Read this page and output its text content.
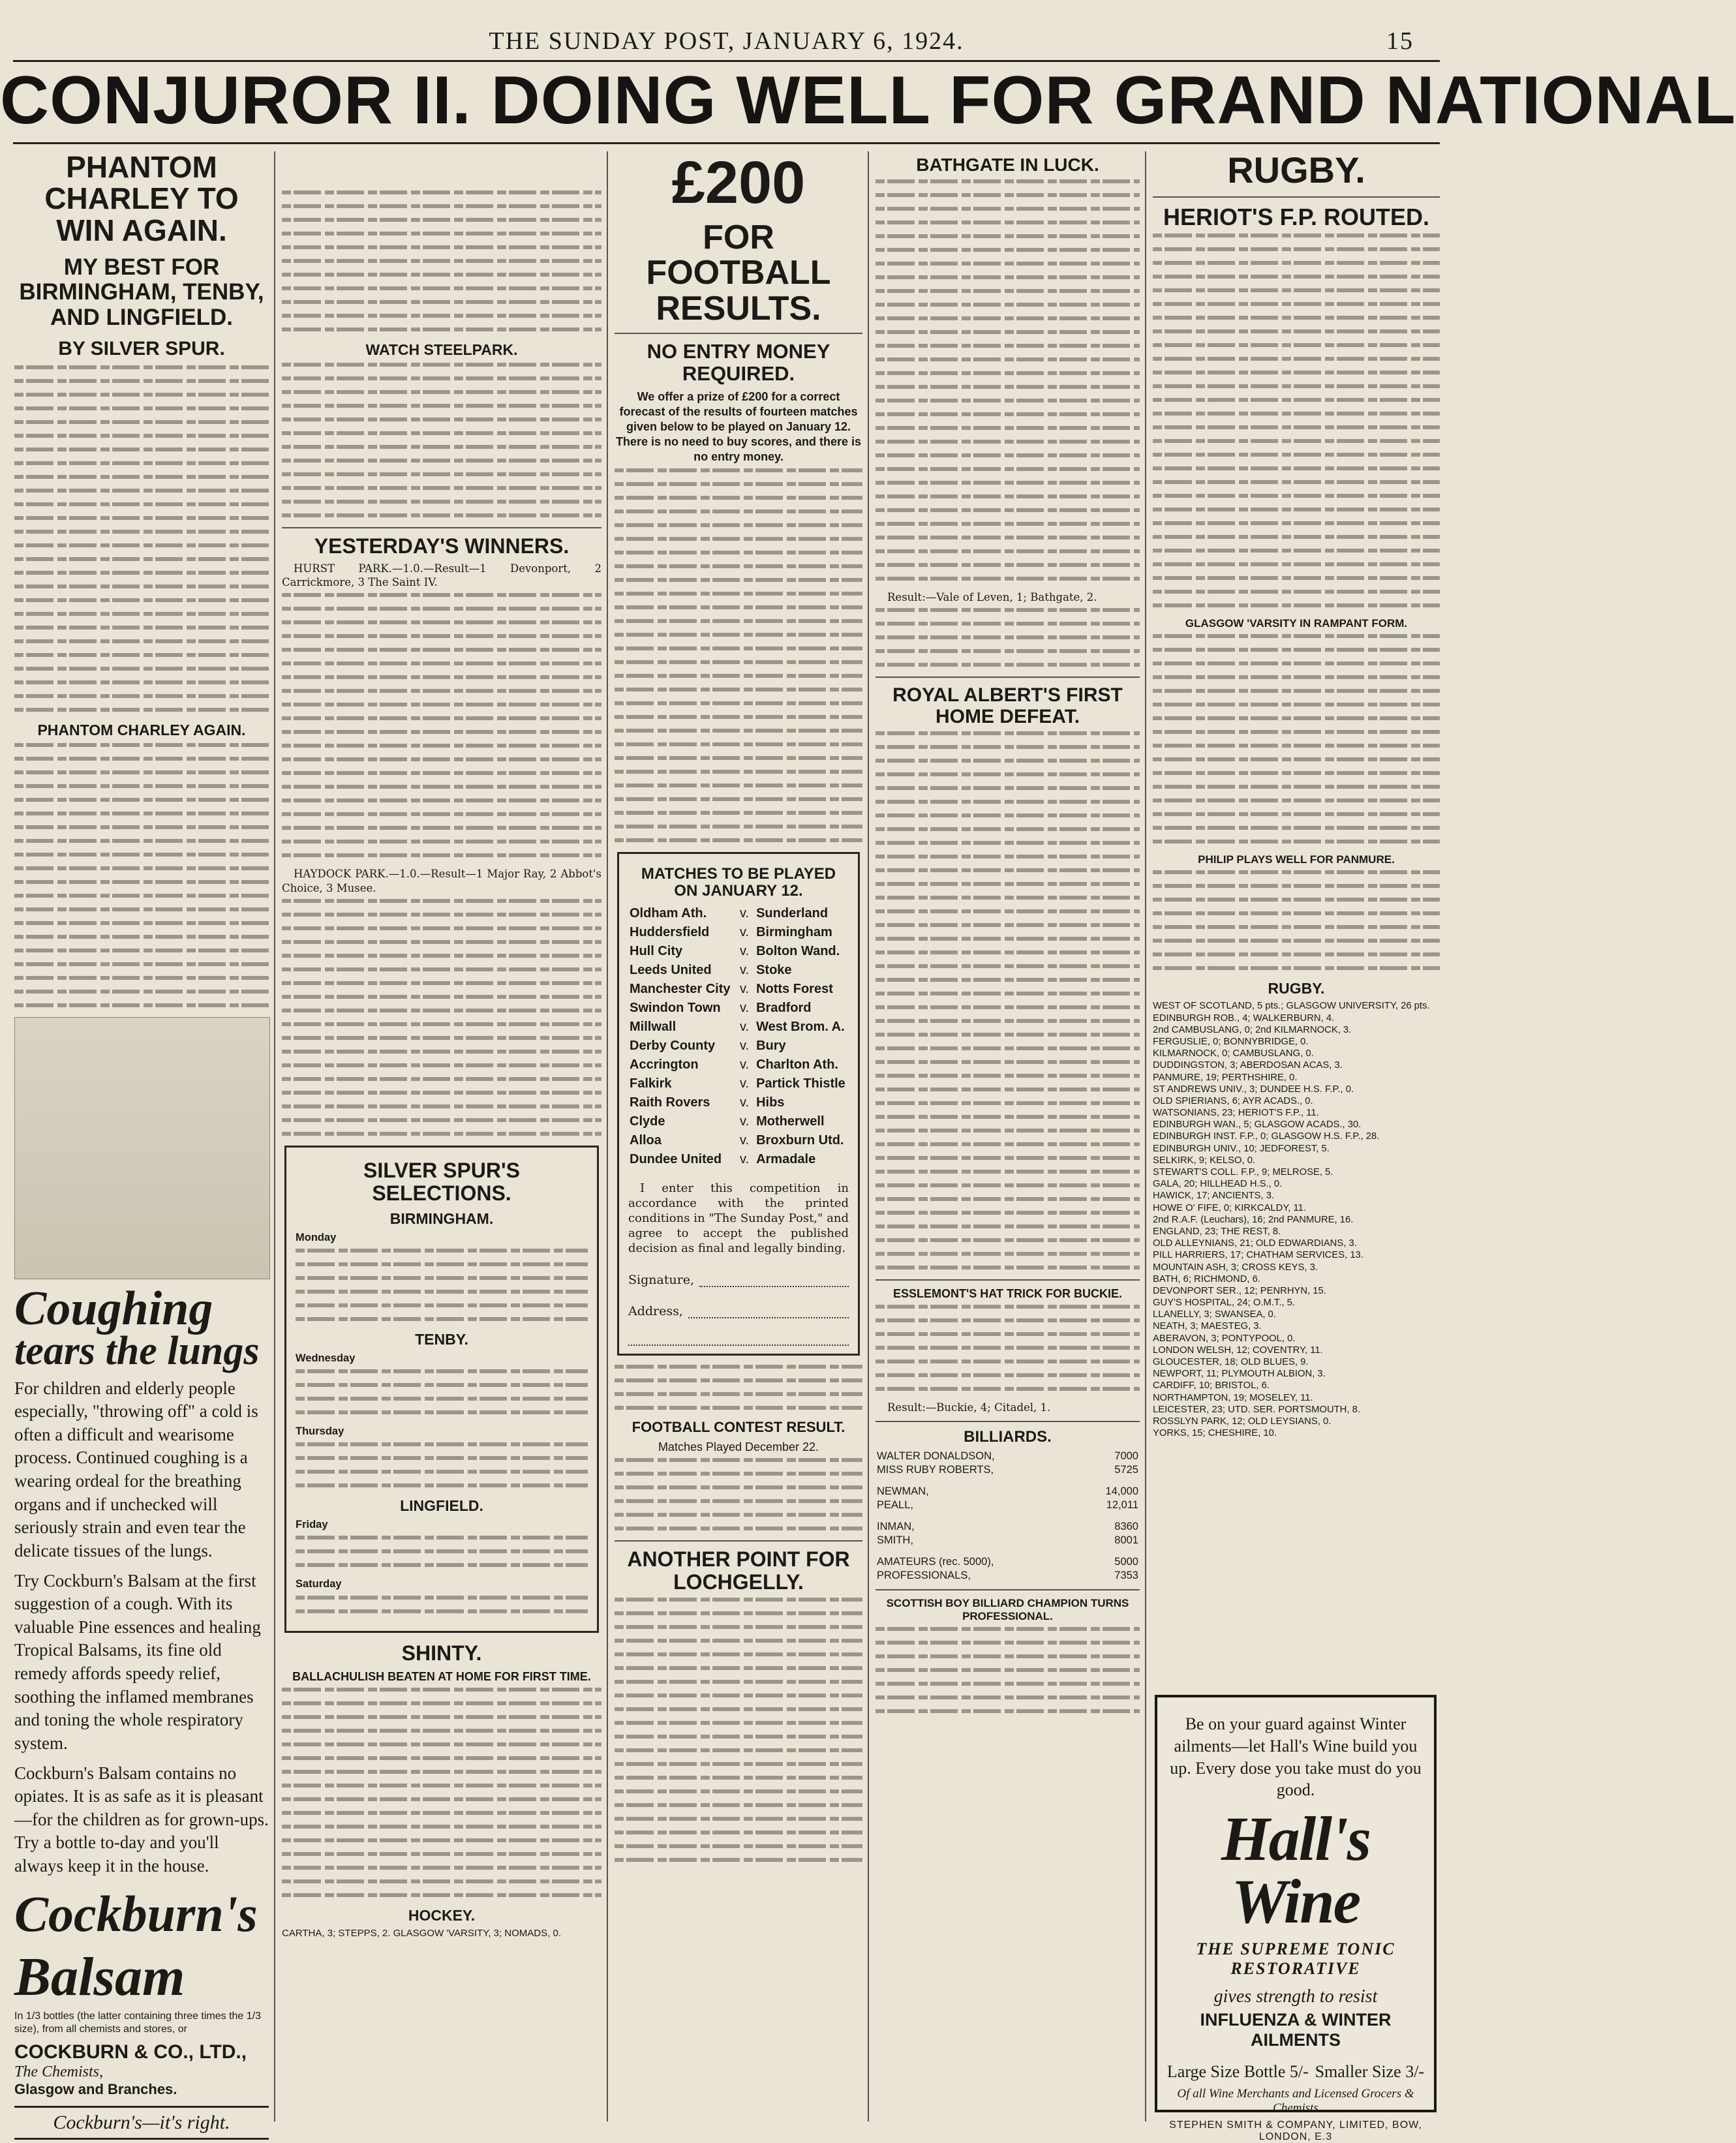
THE SUNDAY POST, JANUARY 6, 1924.	15
CONJUROR II. DOING WELL FOR GRAND NATIONAL
PHANTOM CHARLEY TO WIN AGAIN.
MY BEST FOR BIRMINGHAM, TENBY, AND LINGFIELD.
BY SILVER SPUR.
PHANTOM CHARLEY AGAIN.
Coughing
tears the lungs
For children and elderly people especially, "throwing off" a cold is often a difficult and wearisome process. Continued coughing is a wearing ordeal for the breathing organs and if unchecked will seriously strain and even tear the delicate tissues of the lungs.
Try Cockburn's Balsam at the first suggestion of a cough. With its valuable Pine essences and healing Tropical Balsams, its fine old remedy affords speedy relief, soothing the inflamed membranes and toning the whole respiratory system.
Cockburn's Balsam contains no opiates. It is as safe as it is pleasant—for the children as for grown-ups. Try a bottle to-day and you'll always keep it in the house.
Cockburn's
Balsam
In 1/3 bottles (the latter containing three times the 1/3 size), from all chemists and stores, or
COCKBURN & CO., LTD.,
The Chemists,
Glasgow and Branches.
Cockburn's—it's right.
WATCH STEELPARK.
YESTERDAY'S WINNERS.

HURST PARK.—1.0.—Result—1 Devonport, 2 Carrickmore, 3 The Saint IV.

HAYDOCK PARK.—1.0.—Result—1 Major Ray, 2 Abbot's Choice, 3 Musee.

SILVER SPUR'S SELECTIONS.
BIRMINGHAM.

Monday

TENBY.

Wednesday

Thursday

LINGFIELD.

Friday

Saturday

SHINTY.
BALLACHULISH BEATEN AT HOME FOR FIRST TIME.
HOCKEY.

CARTHA, 3; STEPPS, 2. GLASGOW 'VARSITY, 3; NOMADS, 0.

£200
FOR FOOTBALL RESULTS.
NO ENTRY MONEY REQUIRED.

We offer a prize of £200 for a correct forecast of the results of fourteen matches given below to be played on January 12. There is no need to buy scores, and there is no entry money.

MATCHES TO BE PLAYED ON JANUARY 12.
Oldham Ath.	v.	Sunderland
Huddersfield	v.	Birmingham
Hull City	v.	Bolton Wand.
Leeds United	v.	Stoke
Manchester City	v.	Notts Forest
Swindon Town	v.	Bradford
Millwall	v.	West Brom. A.
Derby County	v.	Bury
Accrington	v.	Charlton Ath.
Falkirk	v.	Partick Thistle
Raith Rovers	v.	Hibs
Clyde	v.	Motherwell
Alloa	v.	Broxburn Utd.
Dundee United	v.	Armadale

I enter this competition in accordance with the printed conditions in "The Sunday Post," and agree to accept the published decision as final and legally binding.

Signature,
Address,
FOOTBALL CONTEST RESULT.
Matches Played December 22.
ANOTHER POINT FOR LOCHGELLY.
BATHGATE IN LUCK.

Result:—Vale of Leven, 1; Bathgate, 2.

ROYAL ALBERT'S FIRST HOME DEFEAT.
ESSLEMONT'S HAT TRICK FOR BUCKIE.

Result:—Buckie, 4; Citadel, 1.

BILLIARDS.
WALTER DONALDSON,	7000
MISS RUBY ROBERTS,	5725

NEWMAN,	14,000
PEALL,	12,011

INMAN,	8360
SMITH,	8001

AMATEURS (rec. 5000),	5000
PROFESSIONALS,	7353
SCOTTISH BOY BILLIARD CHAMPION TURNS PROFESSIONAL.
RUGBY.
HERIOT'S F.P. ROUTED.
GLASGOW 'VARSITY IN RAMPANT FORM.
PHILIP PLAYS WELL FOR PANMURE.
RUGBY.
WEST OF SCOTLAND, 5 pts.; GLASGOW UNIVERSITY, 26 pts.
EDINBURGH ROB., 4; WALKERBURN, 4.
2nd CAMBUSLANG, 0; 2nd KILMARNOCK, 3.
FERGUSLIE, 0; BONNYBRIDGE, 0.
KILMARNOCK, 0; CAMBUSLANG, 0.
DUDDINGSTON, 3; ABERDOSAN ACAS, 3.
PANMURE, 19; PERTHSHIRE, 0.
ST ANDREWS UNIV., 3; DUNDEE H.S. F.P., 0.
OLD SPIERIANS, 6; AYR ACADS., 0.
WATSONIANS, 23; HERIOT'S F.P., 11.
EDINBURGH WAN., 5; GLASGOW ACADS., 30.
EDINBURGH INST. F.P., 0; GLASGOW H.S. F.P., 28.
EDINBURGH UNIV., 10; JEDFOREST, 5.
SELKIRK, 9; KELSO, 0.
STEWART'S COLL. F.P., 9; MELROSE, 5.
GALA, 20; HILLHEAD H.S., 0.
HAWICK, 17; ANCIENTS, 3.
HOWE O' FIFE, 0; KIRKCALDY, 11.
2nd R.A.F. (Leuchars), 16; 2nd PANMURE, 16.
ENGLAND, 23; THE REST, 8.
OLD ALLEYNIANS, 21; OLD EDWARDIANS, 3.
PILL HARRIERS, 17; CHATHAM SERVICES, 13.
MOUNTAIN ASH, 3; CROSS KEYS, 3.
BATH, 6; RICHMOND, 6.
DEVONPORT SER., 12; PENRHYN, 15.
GUY'S HOSPITAL, 24; O.M.T., 5.
LLANELLY, 3; SWANSEA, 0.
NEATH, 3; MAESTEG, 3.
ABERAVON, 3; PONTYPOOL, 0.
LONDON WELSH, 12; COVENTRY, 11.
GLOUCESTER, 18; OLD BLUES, 9.
NEWPORT, 11; PLYMOUTH ALBION, 3.
CARDIFF, 10; BRISTOL, 6.
NORTHAMPTON, 19; MOSELEY, 11.
LEICESTER, 23; UTD. SER. PORTSMOUTH, 8.
ROSSLYN PARK, 12; OLD LEYSIANS, 0.
YORKS, 15; CHESHIRE, 10.
Be on your guard against Winter ailments—let Hall's Wine build you up. Every dose you take must do you good.
Hall's Wine
THE SUPREME TONIC RESTORATIVE
gives strength to resist
INFLUENZA & WINTER AILMENTS
Large Size Bottle 5/- Smaller Size 3/-
Of all Wine Merchants and Licensed Grocers & Chemists
STEPHEN SMITH & COMPANY, LIMITED, BOW, LONDON, E.3
